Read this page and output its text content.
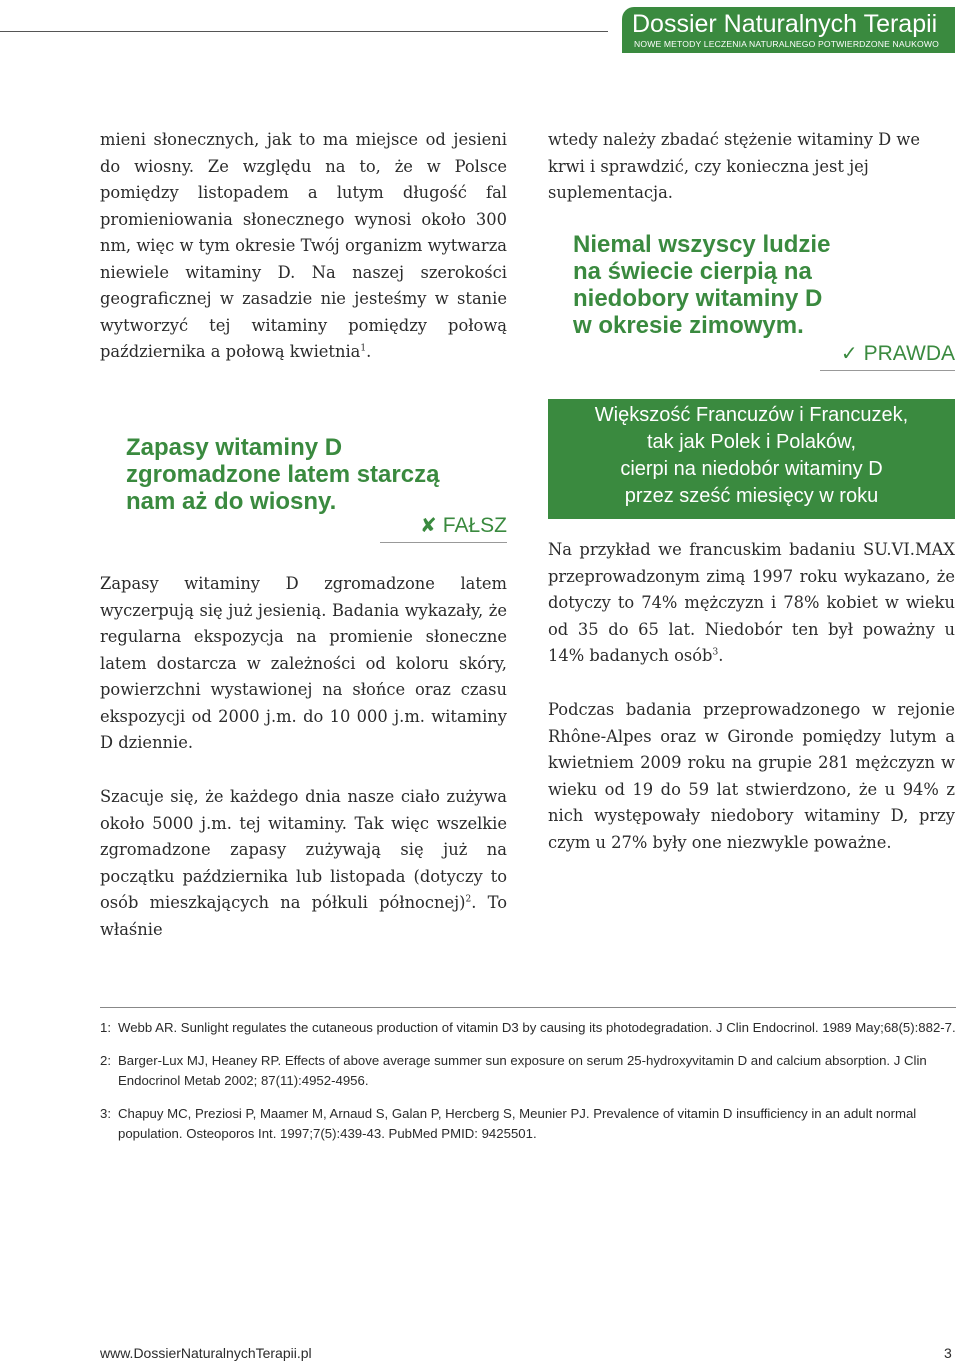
Dossier Naturalnych Terapii
NOWE METODY LECZENIA NATURALNEGO POTWIERDZONE NAUKOWO

mieni słonecznych, jak to ma miejsce od jesieni do wiosny. Ze względu na to, że w Polsce pomiędzy listopadem a lutym długość fal promieniowania słonecznego wynosi około 300 nm, więc w tym okresie Twój organizm wytwarza niewiele witaminy D. Na naszej szerokości geograficznej w zasadzie nie jesteśmy w stanie wytworzyć tej witaminy pomiędzy połową października a połową kwietnia$^1$.

Zapasy witaminy D
zgromadzone latem starczą
nam aż do wiosny.
✘ FAŁSZ

Zapasy witaminy D zgromadzone latem wyczerpują się już jesienią. Badania wykazały, że regularna ekspozycja na promienie słoneczne latem dostarcza w zależności od koloru skóry, powierzchni wystawionej na słońce oraz czasu ekspozycji od 2000 j.m. do 10 000 j.m. witaminy D dziennie.

Szacuje się, że każdego dnia nasze ciało zużywa około 5000 j.m. tej witaminy. Tak więc wszelkie zgromadzone zapasy zużywają się już na początku października lub listopada (dotyczy to osób mieszkających na półkuli północnej)$^2$. To właśnie

wtedy należy zbadać stężenie witaminy D we krwi i sprawdzić, czy konieczna jest jej suplementacja.

Niemal wszyscy ludzie
na świecie cierpią na
niedobory witaminy D
w okresie zimowym.
✓ PRAWDA
Większość Francuzów i Francuzek,
tak jak Polek i Polaków,
cierpi na niedobór witaminy D
przez sześć miesięcy w roku

Na przykład we francuskim badaniu SU.VI.MAX przeprowadzonym zimą 1997 roku wykazano, że dotyczy to 74% mężczyzn i 78% kobiet w wieku od 35 do 65 lat. Niedobór ten był poważny u 14% badanych osób$^3$.

Podczas badania przeprowadzonego w rejonie Rhône-Alpes oraz w Gironde pomiędzy lutym a kwietniem 2009 roku na grupie 281 mężczyzn w wieku od 19 do 59 lat stwierdzono, że u 94% z nich występowały niedobory witaminy D, przy czym u 27% były one niezwykle poważne.

1: Webb AR. Sunlight regulates the cutaneous production of vitamin D3 by causing its photodegradation. J Clin Endocrinol. 1989 May;68(5):882-7.
2: Barger-Lux MJ, Heaney RP. Effects of above average summer sun exposure on serum 25-hydroxyvitamin D and calcium absorption. J Clin Endocrinol Metab 2002; 87(11):4952-4956.
3: Chapuy MC, Preziosi P, Maamer M, Arnaud S, Galan P, Hercberg S, Meunier PJ. Prevalence of vitamin D insufficiency in an adult normal population. Osteoporos Int. 1997;7(5):439-43. PubMed PMID: 9425501.
www.DossierNaturalnychTerapii.pl	3
